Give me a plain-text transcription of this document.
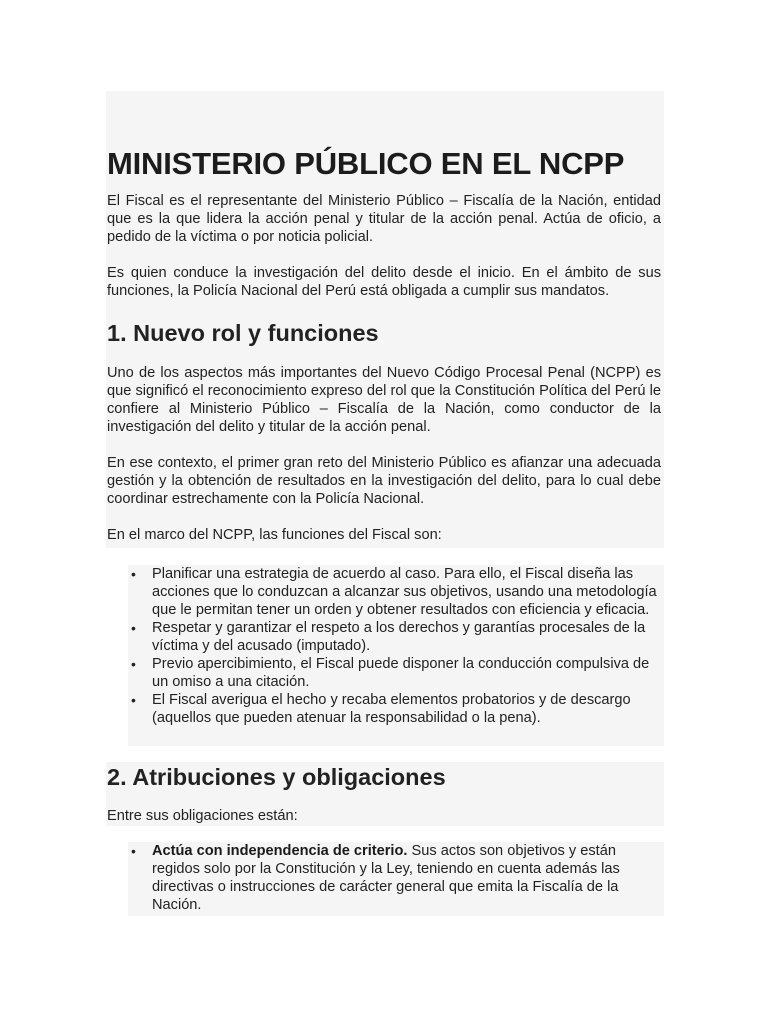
MINISTERIO PÚBLICO EN EL NCPP

El Fiscal es el representante del Ministerio Público – Fiscalía de la Nación, entidad que es la que lidera la acción penal y titular de la acción penal. Actúa de oficio, a pedido de la víctima o por noticia policial.

Es quien conduce la investigación del delito desde el inicio. En el ámbito de sus funciones, la Policía Nacional del Perú está obligada a cumplir sus mandatos.

1. Nuevo rol y funciones

Uno de los aspectos más importantes del Nuevo Código Procesal Penal (NCPP) es que significó el reconocimiento expreso del rol que la Constitución Política del Perú le confiere al Ministerio Público – Fiscalía de la Nación, como conductor de la investigación del delito y titular de la acción penal.

En ese contexto, el primer gran reto del Ministerio Público es afianzar una adecuada gestión y la obtención de resultados en la investigación del delito, para lo cual debe coordinar estrechamente con la Policía Nacional.

En el marco del NCPP, las funciones del Fiscal son:

• Planificar una estrategia de acuerdo al caso. Para ello, el Fiscal diseña las acciones que lo conduzcan a alcanzar sus objetivos, usando una metodología que le permitan tener un orden y obtener resultados con eficiencia y eficacia.
• Respetar y garantizar el respeto a los derechos y garantías procesales de la víctima y del acusado (imputado).
• Previo apercibimiento, el Fiscal puede disponer la conducción compulsiva de un omiso a una citación.
• El Fiscal averigua el hecho y recaba elementos probatorios y de descargo (aquellos que pueden atenuar la responsabilidad o la pena).
2. Atribuciones y obligaciones

Entre sus obligaciones están:

• Actúa con independencia de criterio. Sus actos son objetivos y están regidos solo por la Constitución y la Ley, teniendo en cuenta además las directivas o instrucciones de carácter general que emita la Fiscalía de la Nación.
